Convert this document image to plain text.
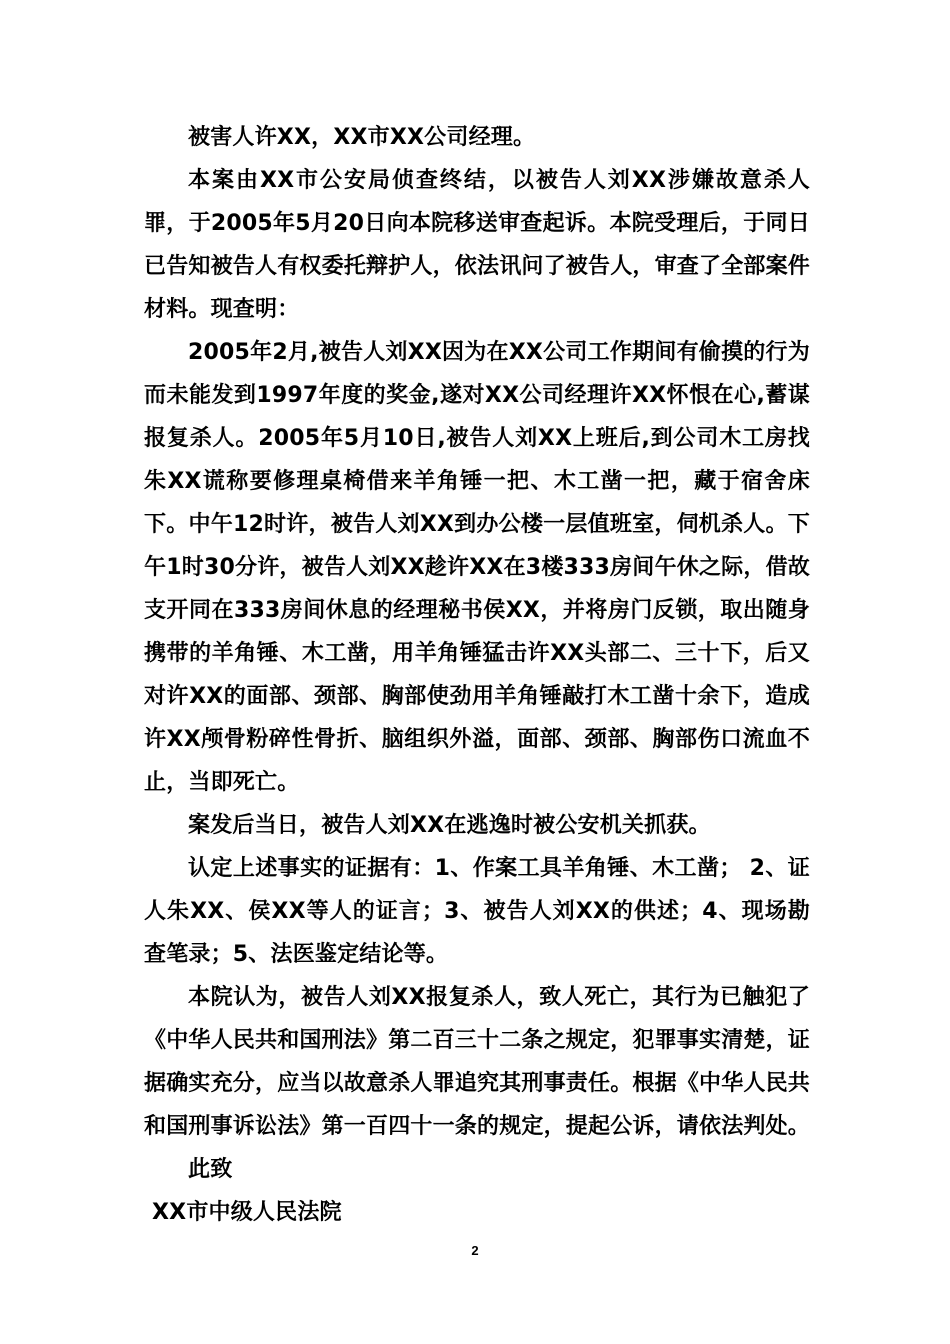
被害人许XX，XX市XX公司经理。

本案由XX市公安局侦查终结，以被告人刘XX涉嫌故意杀人罪，于2005年5月20日向本院移送审查起诉。本院受理后，于同日已告知被告人有权委托辩护人，依法讯问了被告人，审查了全部案件材料。现查明：

2005年2月,被告人刘XX因为在XX公司工作期间有偷摸的行为而未能发到1997年度的奖金,遂对XX公司经理许XX怀恨在心,蓄谋报复杀人。2005年5月10日,被告人刘XX上班后,到公司木工房找朱XX谎称要修理桌椅借来羊角锤一把、木工凿一把，藏于宿舍床下。中午12时许，被告人刘XX到办公楼一层值班室，伺机杀人。下午1时30分许，被告人刘XX趁许XX在3楼333房间午休之际，借故支开同在333房间休息的经理秘书侯XX，并将房门反锁，取出随身携带的羊角锤、木工凿，用羊角锤猛击许XX头部二、三十下，后又对许XX的面部、颈部、胸部使劲用羊角锤敲打木工凿十余下，造成许XX颅骨粉碎性骨折、脑组织外溢，面部、颈部、胸部伤口流血不止，当即死亡。

案发后当日，被告人刘XX在逃逸时被公安机关抓获。

认定上述事实的证据有：1、作案工具羊角锤、木工凿； 2、证人朱XX、侯XX等人的证言；3、被告人刘XX的供述；4、现场勘查笔录；5、法医鉴定结论等。

本院认为，被告人刘XX报复杀人，致人死亡，其行为已触犯了《中华人民共和国刑法》第二百三十二条之规定，犯罪事实清楚，证据确实充分，应当以故意杀人罪追究其刑事责任。根据《中华人民共和国刑事诉讼法》第一百四十一条的规定，提起公诉，请依法判处。

此致

XX市中级人民法院

2
